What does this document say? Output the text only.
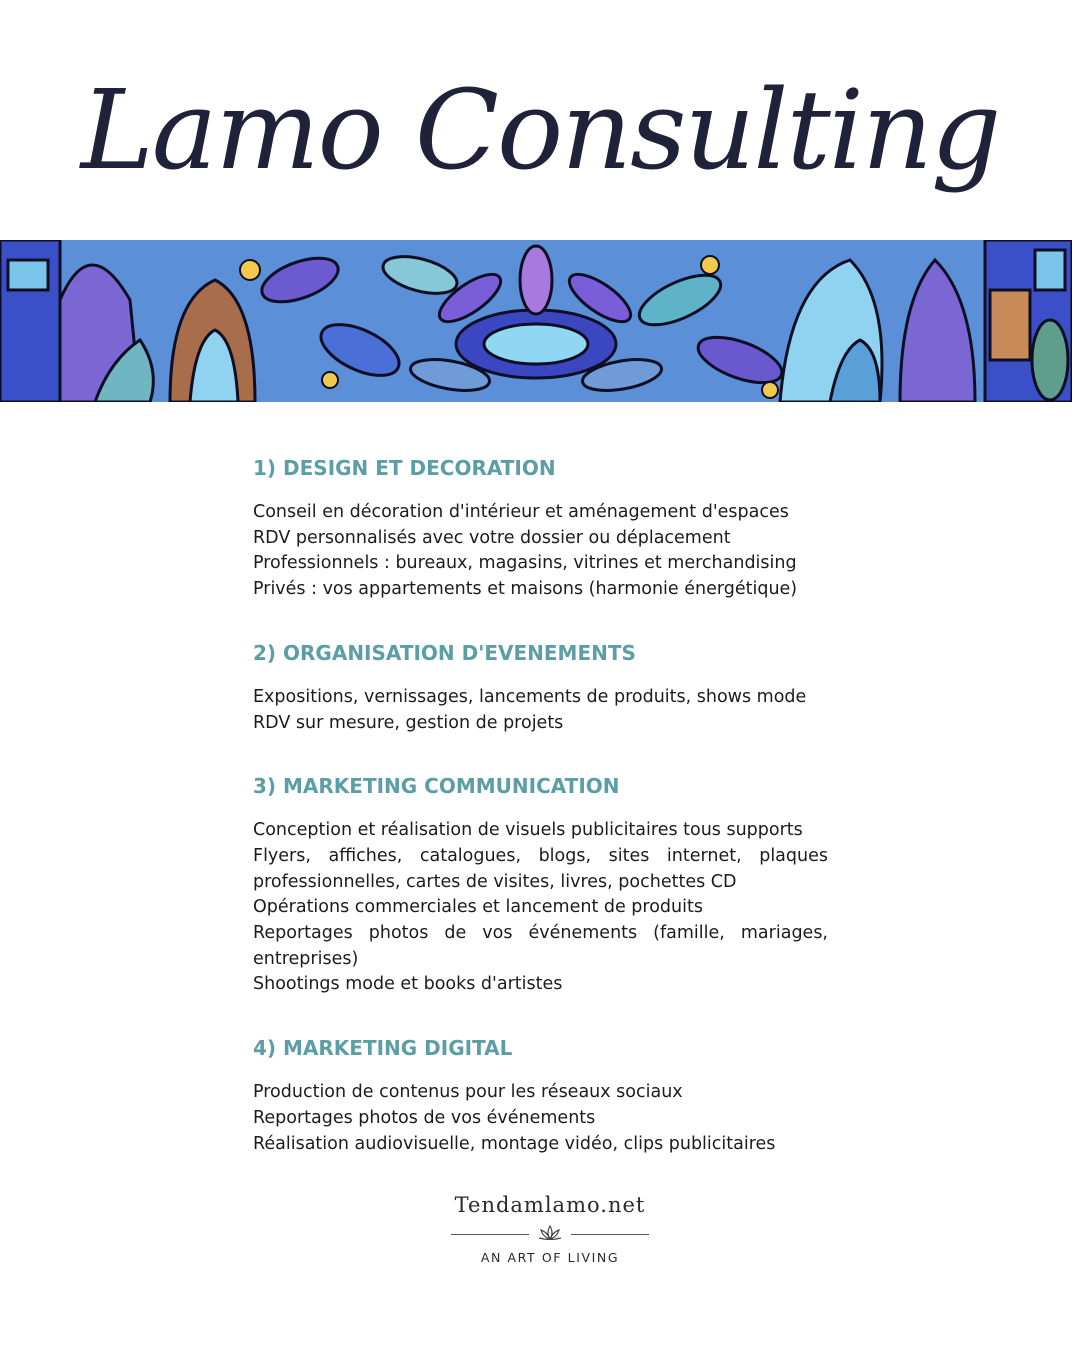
Lamo Consulting
1) DESIGN ET DECORATION
Conseil en décoration d'intérieur et aménagement d'espaces
RDV personnalisés avec votre dossier ou déplacement
Professionnels : bureaux, magasins, vitrines et merchandising
Privés : vos appartements et maisons (harmonie énergétique)
2) ORGANISATION D'EVENEMENTS
Expositions, vernissages, lancements de produits, shows mode
RDV sur mesure, gestion de projets
3) MARKETING COMMUNICATION
Conception et réalisation de visuels publicitaires tous supports
Flyers, affiches, catalogues, blogs, sites internet, plaques professionnelles, cartes de visites, livres, pochettes CD
Opérations commerciales et lancement de produits
Reportages photos de vos événements (famille, mariages, entreprises)
Shootings mode et books d'artistes
4) MARKETING DIGITAL
Production de contenus pour les réseaux sociaux
Reportages photos de vos événements
Réalisation audiovisuelle, montage vidéo, clips publicitaires
Tendamlamo.net
AN ART OF LIVING
